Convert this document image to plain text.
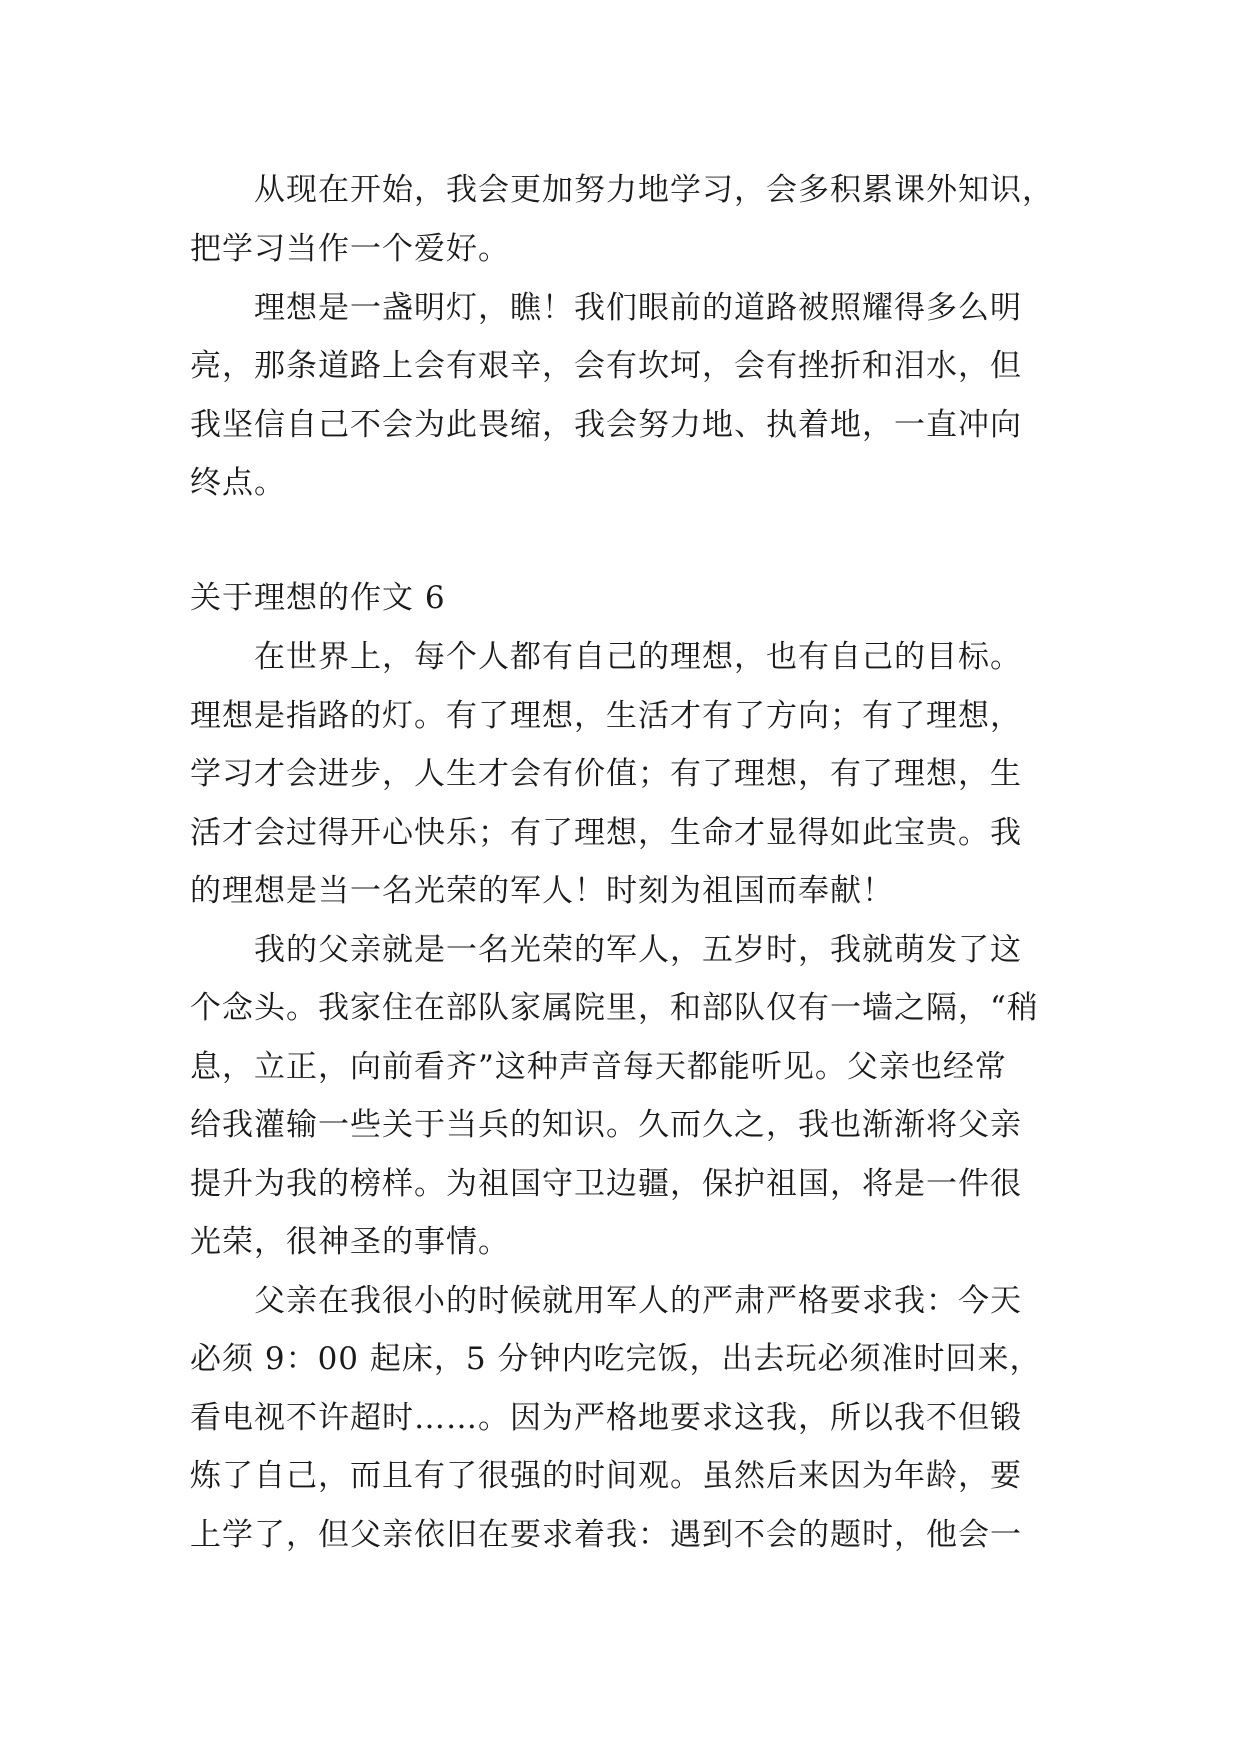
从现在开始，我会更加努力地学习，会多积累课外知识，
把学习当作一个爱好。
理想是一盏明灯，瞧！我们眼前的道路被照耀得多么明
亮，那条道路上会有艰辛，会有坎坷，会有挫折和泪水，但
我坚信自己不会为此畏缩，我会努力地、执着地，一直冲向
终点。
关于理想的作文 6
在世界上，每个人都有自己的理想，也有自己的目标。
理想是指路的灯。有了理想，生活才有了方向；有了理想，
学习才会进步，人生才会有价值；有了理想，有了理想，生
活才会过得开心快乐；有了理想，生命才显得如此宝贵。我
的理想是当一名光荣的军人！时刻为祖国而奉献！
我的父亲就是一名光荣的军人，五岁时，我就萌发了这
个念头。我家住在部队家属院里，和部队仅有一墙之隔，“稍
息，立正，向前看齐”这种声音每天都能听见。父亲也经常
给我灌输一些关于当兵的知识。久而久之，我也渐渐将父亲
提升为我的榜样。为祖国守卫边疆，保护祖国，将是一件很
光荣，很神圣的事情。
父亲在我很小的时候就用军人的严肃严格要求我：今天
必须 9：00 起床，5 分钟内吃完饭，出去玩必须准时回来，
看电视不许超时……。因为严格地要求这我，所以我不但锻
炼了自己，而且有了很强的时间观。虽然后来因为年龄，要
上学了，但父亲依旧在要求着我：遇到不会的题时，他会一
